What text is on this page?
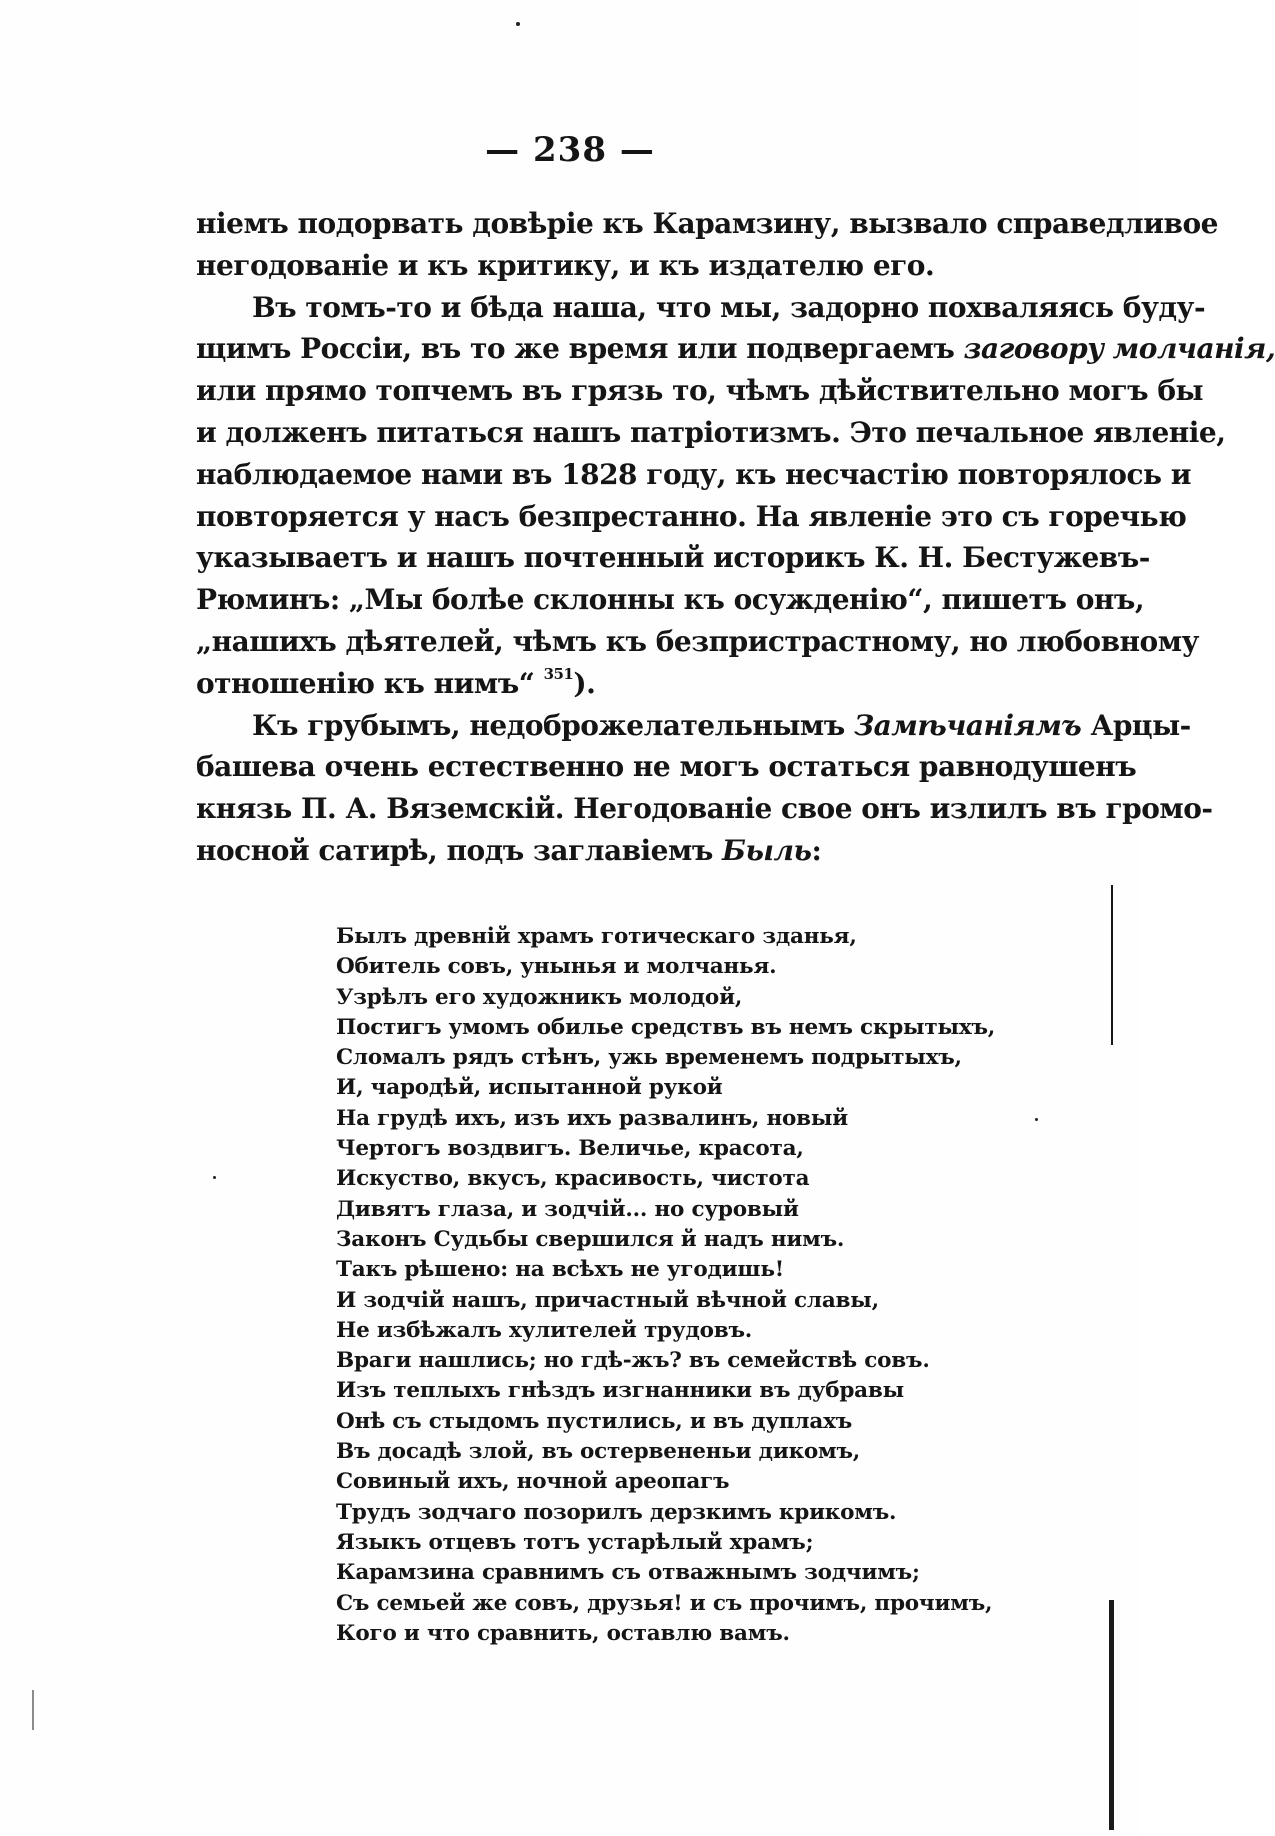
— 238 —
ніемъ подорвать довѣріе къ Карамзину, вызвало справедливое
негодованіе и къ критику, и къ издателю его.
Въ томъ-то и бѣда наша, что мы, задорно похваляясь буду-
щимъ Россіи, въ то же время или подвергаемъ заговору молчанія,
или прямо топчемъ въ грязь то, чѣмъ дѣйствительно могъ бы
и долженъ питаться нашъ патріотизмъ. Это печальное явленіе,
наблюдаемое нами въ 1828 году, къ несчастію повторялось и
повторяется у насъ безпрестанно. На явленіе это съ горечью
указываетъ и нашъ почтенный историкъ К. Н. Бестужевъ-
Рюминъ: „Мы болѣе склонны къ осужденію“, пишетъ онъ,
„нашихъ дѣятелей, чѣмъ къ безпристрастному, но любовному
отношенію къ нимъ“ $^{351}$).
Къ грубымъ, недоброжелательнымъ Замѣчаніямъ Арцы-
башева очень естественно не могъ остаться равнодушенъ
князь П. А. Вяземскій. Негодованіе свое онъ излилъ въ громо-
носной сатирѣ, подъ заглавіемъ Быль:
Былъ древній храмъ готическаго зданья,
Обитель совъ, унынья и молчанья.
Узрѣлъ его художникъ молодой,
Постигъ умомъ обилье средствъ въ немъ скрытыхъ,
Сломалъ рядъ стѣнъ, ужь временемъ подрытыхъ,
И, чародѣй, испытанной рукой
На грудѣ ихъ, изъ ихъ развалинъ, новый
Чертогъ воздвигъ. Величье, красота,
Искуство, вкусъ, красивость, чистота
Дивятъ глаза, и зодчій... но суровый
Законъ Судьбы свершился й надъ нимъ.
Такъ рѣшено: на всѣхъ не угодишь!
И зодчій нашъ, причастный вѣчной славы,
Не избѣжалъ хулителей трудовъ.
Враги нашлись; но гдѣ-жъ? въ семействѣ совъ.
Изъ теплыхъ гнѣздъ изгнанники въ дубравы
Онѣ съ стыдомъ пустились, и въ дуплахъ
Въ досадѣ злой, въ остервененьи дикомъ,
Совиный ихъ, ночной ареопагъ
Трудъ зодчаго позорилъ дерзкимъ крикомъ.
Языкъ отцевъ тотъ устарѣлый храмъ;
Карамзина сравнимъ съ отважнымъ зодчимъ;
Съ семьей же совъ, друзья! и съ прочимъ, прочимъ,
Кого и что сравнить, оставлю вамъ.
